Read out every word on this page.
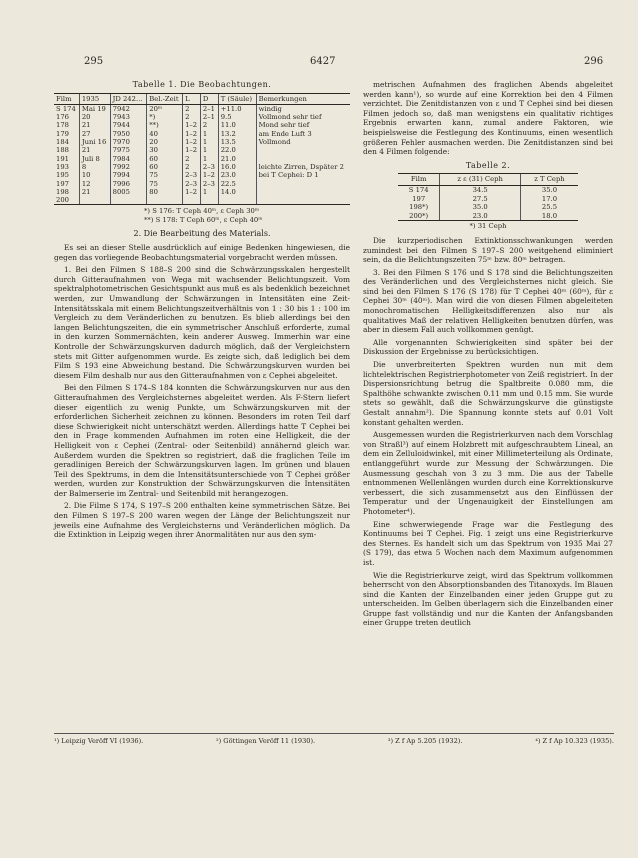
295	6427	296
Tabelle 1. Die Beobachtungen.
Film	1935	JD 242…	Bel.-Zeit	L	D	T (Säule)	Bemerkungen
S 174	Mai 19	7942	20ᵐ	2	2–1	+11.0	windig
176	20	7943	*)	2	2–1	9.5	Vollmond sehr tief
178	21	7944	**)	1–2	2	11.0	Mond sehr tief
179	27	7950	40	1–2	1	13.2	am Ende Luft 3
184	Juni 16	7970	20	1–2	1	13.5	Vollmond
188	21	7975	30	1–2	1	22.0	
191	Juli 8	7984	60	2	1	21.0	
193	8	7992	60	2	2–3	16.0	leichte Zirren, Dspäter 2
195	10	7994	75	2–3	1–2	23.0	bei T Cephei: D 1
197	12	7996	75	2–3	2–3	22.5	
198	21	8005	80	1–2	1	14.0	
200							
*) S 176: T Ceph 40ᵐ, ε Ceph 30ᵐ
**) S 178: T Ceph 60ᵐ, ε Ceph 40ᵐ
2. Die Bearbeitung des Materials.

Es sei an dieser Stelle ausdrücklich auf einige Bedenken hingewiesen, die gegen das vorliegende Beobachtungsmaterial vorgebracht werden müssen.

1. Bei den Filmen S 188–S 200 sind die Schwärzungsskalen hergestellt durch Gitteraufnahmen von Wega mit wachsender Belichtungszeit. Vom spektralphotometrischen Gesichtspunkt aus muß es als bedenklich bezeichnet werden, zur Umwandlung der Schwärzungen in Intensitäten eine Zeit-Intensitätsskala mit einem Belichtungszeitverhältnis von 1 : 30 bis 1 : 100 im Vergleich zu dem Veränderlichen zu benutzen. Es blieb allerdings bei den langen Belichtungszeiten, die ein symmetrischer Anschluß erforderte, zumal in den kurzen Sommernächten, kein anderer Ausweg. Immerhin war eine Kontrolle der Schwärzungskurven dadurch möglich, daß der Vergleichstern stets mit Gitter aufgenommen wurde. Es zeigte sich, daß lediglich bei dem Film S 193 eine Abweichung bestand. Die Schwärzungskurven wurden bei diesem Film deshalb nur aus den Gitteraufnahmen von ε Cephei abgeleitet.

Bei den Filmen S 174–S 184 konnten die Schwärzungskurven nur aus den Gitteraufnahmen des Vergleichsternes abgeleitet werden. Als F-Stern liefert dieser eigentlich zu wenig Punkte, um Schwärzungskurven mit der erforderlichen Sicherheit zeichnen zu können. Besonders im roten Teil darf diese Schwierigkeit nicht unterschätzt werden. Allerdings hatte T Cephei bei den in Frage kommenden Aufnahmen im roten eine Helligkeit, die der Helligkeit von ε Cephei (Zentral- oder Seitenbild) annähernd gleich war. Außerdem wurden die Spektren so registriert, daß die fraglichen Teile im geradlinigen Bereich der Schwärzungskurven lagen. Im grünen und blauen Teil des Spektrums, in dem die Intensitätsunterschiede von T Cephei größer werden, wurden zur Konstruktion der Schwärzungskurven die Intensitäten der Balmerserie im Zentral- und Seitenbild mit herangezogen.

2. Die Filme S 174, S 197–S 200 enthalten keine symmetrischen Sätze. Bei den Filmen S 197–S 200 waren wegen der Länge der Belichtungszeit nur jeweils eine Aufnahme des Vergleichsterns und Veränderlichen möglich. Da die Extinktion in Leipzig wegen ihrer Anormalitäten nur aus den sym-

metrischen Aufnahmen des fraglichen Abends abgeleitet werden kann¹), so wurde auf eine Korrektion bei den 4 Filmen verzichtet. Die Zenitdistanzen von ε und T Cephei sind bei diesen Filmen jedoch so, daß man wenigstens ein qualitativ richtiges Ergebnis erwarten kann, zumal andere Faktoren, wie beispielsweise die Festlegung des Kontinuums, einen wesentlich größeren Fehler ausmachen werden. Die Zenitdistanzen sind bei den 4 Filmen folgende:

Tabelle 2.
Film	z ε (31) Ceph	z T Ceph
S 174	34.5	35.0
197	27.5	17.0
198*)	35.0	25.5
200*)	23.0	18.0
*) 31 Ceph

Die kurzperiodischen Extinktionsschwankungen werden zumindest bei den Filmen S 197–S 200 weitgehend eliminiert sein, da die Belichtungszeiten 75ᵐ bzw. 80ᵐ betragen.

3. Bei den Filmen S 176 und S 178 sind die Belichtungszeiten des Veränderlichen und des Vergleichsternes nicht gleich. Sie sind bei den Filmen S 176 (S 178) für T Cephei 40ᵐ (60ᵐ), für ε Cephei 30ᵐ (40ᵐ). Man wird die von diesen Filmen abgeleiteten monochromatischen Helligkeitsdifferenzen also nur als qualitatives Maß der relativen Helligkeiten benutzen dürfen, was aber in diesem Fall auch vollkommen genügt.

Alle vorgenannten Schwierigkeiten sind später bei der Diskussion der Ergebnisse zu berücksichtigen.

Die unverbreiterten Spektren wurden nun mit dem lichtelektrischen Registrierphotometer von Zeiß registriert. In der Dispersionsrichtung betrug die Spaltbreite 0.080 mm, die Spalthöhe schwankte zwischen 0.11 mm und 0.15 mm. Sie wurde stets so gewählt, daß die Schwärzungskurve die günstigste Gestalt annahm²). Die Spannung konnte stets auf 0.01 Volt konstant gehalten werden.

Ausgemessen wurden die Registrierkurven nach dem Vorschlag von Straßl³) auf einem Holzbrett mit aufgeschraubtem Lineal, an dem ein Zelluloidwinkel, mit einer Millimeterteilung als Ordinate, entlanggeführt wurde zur Messung der Schwärzungen. Die Ausmessung geschah von 3 zu 3 mm. Die aus der Tabelle entnommenen Wellenlängen wurden durch eine Korrektionskurve verbessert, die sich zusammensetzt aus den Einflüssen der Temperatur und der Ungenauigkeit der Einstellungen am Photometer⁴).

Eine schwerwiegende Frage war die Festlegung des Kontinuums bei T Cephei. Fig. 1 zeigt uns eine Registrierkurve des Sternes. Es handelt sich um das Spektrum von 1935 Mai 27 (S 179), das etwa 5 Wochen nach dem Maximum aufgenommen ist.

Wie die Registrierkurve zeigt, wird das Spektrum vollkommen beherrscht von den Absorptionsbanden des Titanoxyds. Im Blauen sind die Kanten der Einzelbanden einer jeden Gruppe gut zu unterscheiden. Im Gelben überlagern sich die Einzelbanden einer Gruppe fast vollständig und nur die Kanten der Anfangsbanden einer Gruppe treten deutlich

¹) Leipzig Veröff VI (1936).	²) Göttingen Veröff 11 (1930).	³) Z f Ap 5.205 (1932).	⁴) Z f Ap 10.323 (1935).
